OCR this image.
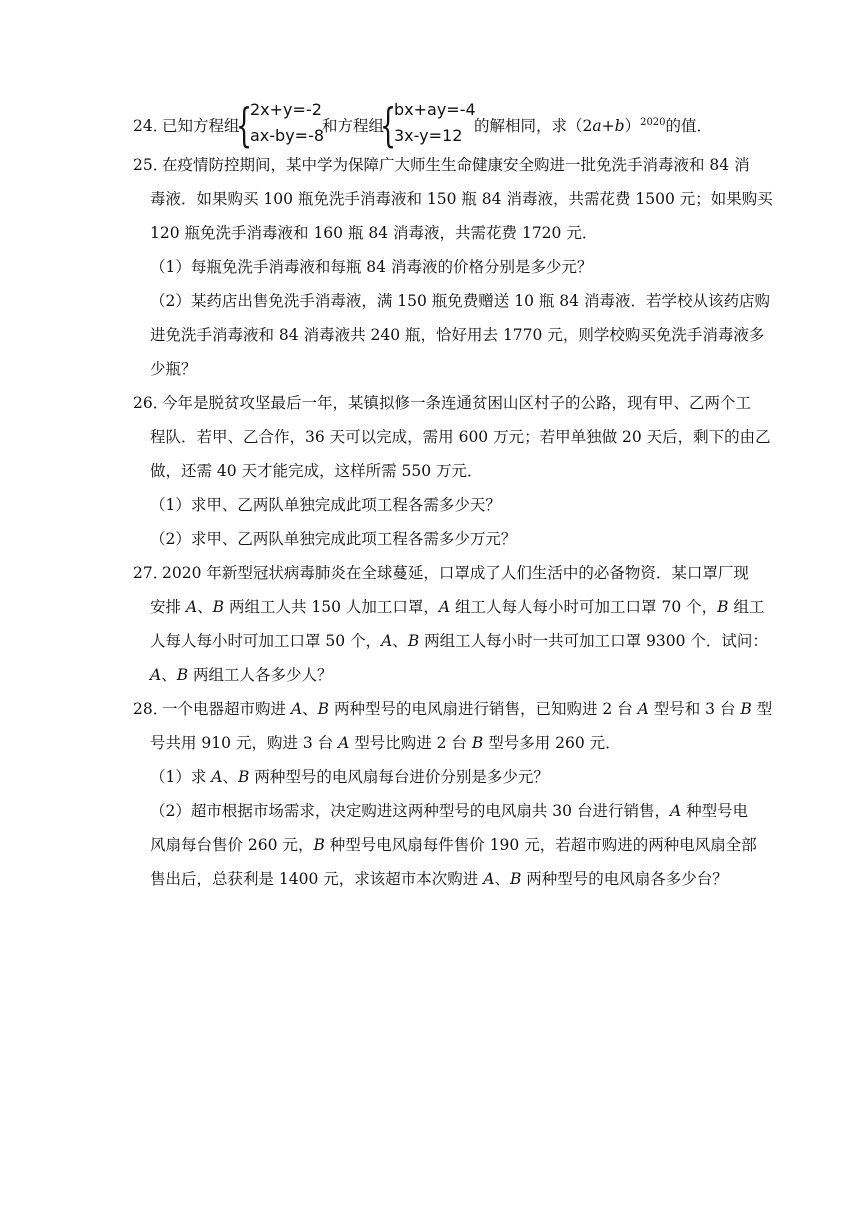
24．
已知方程组
{
2x+y=-2
ax-by=-8
和方程组
{
bx+ay=-4
3x-y=12 的解相同，求$(2a+b)^{2020}$的值．
25．
在疫情防控期间，某中学为保障广大师生生命健康安全购进一批免洗手消毒液和 84 消
毒液．如果购买 100 瓶免洗手消毒液和 150 瓶 84 消毒液，共需花费 1500 元；如果购买
120 瓶免洗手消毒液和 160 瓶 84 消毒液，共需花费 1720 元．
（1）每瓶免洗手消毒液和每瓶 84 消毒液的价格分别是多少元？
（2）某药店出售免洗手消毒液，满 150 瓶免费赠送 10 瓶 84 消毒液．若学校从该药店购
进免洗手消毒液和 84 消毒液共 240 瓶，恰好用去 1770 元，则学校购买免洗手消毒液多
少瓶？
26．
今年是脱贫攻坚最后一年，某镇拟修一条连通贫困山区村子的公路，现有甲、乙两个工
程队．若甲、乙合作，36 天可以完成，需用 600 万元；若甲单独做 20 天后，剩下的由乙
做，还需 40 天才能完成，这样所需 550 万元．
（1）求甲、乙两队单独完成此项工程各需多少天？
（2）求甲、乙两队单独完成此项工程各需多少万元？
27．
2020 年新型冠状病毒肺炎在全球蔓延，口罩成了人们生活中的必备物资．某口罩厂现
安排 A、B 两组工人共 150 人加工口罩，A 组工人每人每小时可加工口罩 70 个，B 组工
人每人每小时可加工口罩 50 个，A、B 两组工人每小时一共可加工口罩 9300 个．试问：
A、B 两组工人各多少人？
28．
一个电器超市购进 A、B 两种型号的电风扇进行销售，已知购进 2 台 A 型号和 3 台 B 型
号共用 910 元，购进 3 台 A 型号比购进 2 台 B 型号多用 260 元．
（1）求 A、B 两种型号的电风扇每台进价分别是多少元？
（2）超市根据市场需求，决定购进这两种型号的电风扇共 30 台进行销售，A 种型号电
风扇每台售价 260 元，B 种型号电风扇每件售价 190 元，若超市购进的两种电风扇全部
售出后，总获利是 1400 元，求该超市本次购进 A、B 两种型号的电风扇各多少台？
